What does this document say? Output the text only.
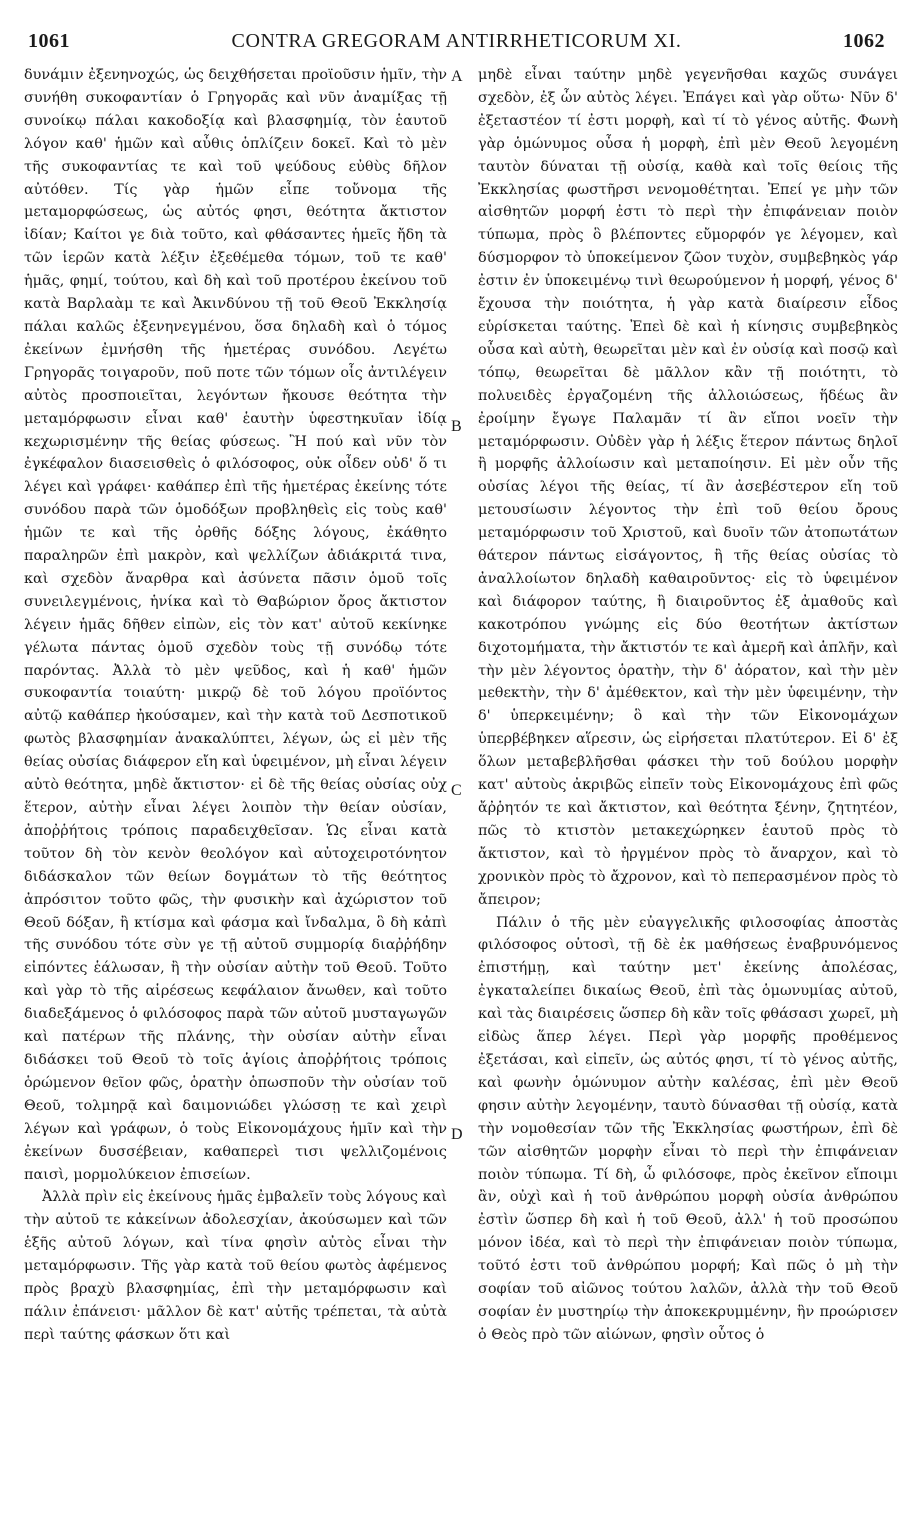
1061	CONTRA GREGORAM ANTIRRHETICORUM XI.	1062

δυνάμιν ἐξενηνοχώς, ὡς δειχθήσεται προϊοῦσιν ἡμῖν, τὴν συνήθη συκοφαντίαν ὁ Γρηγορᾶς καὶ νῦν ἀναμίξας τῇ συνοίκῳ πάλαι κακοδοξίᾳ καὶ βλασφημίᾳ, τὸν ἑαυτοῦ λόγον καθ' ἡμῶν καὶ αὖθις ὁπλίζειν δοκεῖ. Καὶ τὸ μὲν τῆς συκοφαντίας τε καὶ τοῦ ψεύδους εὐθὺς δῆλον αὐτόθεν. Τίς γὰρ ἡμῶν εἶπε τοὔνομα τῆς μεταμορφώσεως, ὡς αὐτός φησι, θεότητα ἄκτιστον ἰδίαν; Καίτοι γε διὰ τοῦτο, καὶ φθάσαντες ἡμεῖς ἤδη τὰ τῶν ἱερῶν κατὰ λέξιν ἐξεθέμεθα τόμων, τοῦ τε καθ' ἡμᾶς, φημί, τούτου, καὶ δὴ καὶ τοῦ προτέρου ἐκείνου τοῦ κατὰ Βαρλαὰμ τε καὶ Ἀκινδύνου τῇ τοῦ Θεοῦ Ἐκκλησίᾳ πάλαι καλῶς ἐξενηνεγμένου, ὅσα δηλαδὴ καὶ ὁ τόμος ἐκείνων ἐμνήσθη τῆς ἡμετέρας συνόδου. Λεγέτω Γρηγορᾶς τοιγαροῦν, ποῦ ποτε τῶν τόμων οἷς ἀντιλέγειν αὐτὸς προσποιεῖται, λεγόντων ἤκουσε θεότητα τὴν μεταμόρφωσιν εἶναι καθ' ἑαυτὴν ὑφεστηκυῖαν ἰδίᾳ κεχωρισμένην τῆς θείας φύσεως. Ἢ πού καὶ νῦν τὸν ἐγκέφαλον διασεισθεὶς ὁ φιλόσοφος, οὐκ οἶδεν οὐδ' ὅ τι λέγει καὶ γράφει· καθάπερ ἐπὶ τῆς ἡμετέρας ἐκείνης τότε συνόδου παρὰ τῶν ὁμοδόξων προβληθεὶς εἰς τοὺς καθ' ἡμῶν τε καὶ τῆς ὀρθῆς δόξης λόγους, ἐκάθητο παραληρῶν ἐπὶ μακρὸν, καὶ ψελλίζων ἀδιάκριτά τινα, καὶ σχεδὸν ἄναρθρα καὶ ἀσύνετα πᾶσιν ὁμοῦ τοῖς συνειλεγμένοις, ἡνίκα καὶ τὸ Θαβώριον ὄρος ἄκτιστον λέγειν ἡμᾶς δῆθεν εἰπὼν, εἰς τὸν κατ' αὐτοῦ κεκίνηκε γέλωτα πάντας ὁμοῦ σχεδὸν τοὺς τῇ συνόδῳ τότε παρόντας. Ἀλλὰ τὸ μὲν ψεῦδος, καὶ ἡ καθ' ἡμῶν συκοφαντία τοιαύτη· μικρῷ δὲ τοῦ λόγου προϊόντος αὐτῷ καθάπερ ἠκούσαμεν, καὶ τὴν κατὰ τοῦ Δεσποτικοῦ φωτὸς βλασφημίαν ἀνακαλύπτει, λέγων, ὡς εἰ μὲν τῆς θείας οὐσίας διάφερον εἴη καὶ ὑφειμένον, μὴ εἶναι λέγειν αὐτὸ θεότητα, μηδὲ ἄκτιστον· εἰ δὲ τῆς θείας οὐσίας οὐχ ἕτερον, αὐτὴν εἶναι λέγει λοιπὸν τὴν θείαν οὐσίαν, ἀποῤῥήτοις τρόποις παραδειχθεῖσαν. Ὡς εἶναι κατὰ τοῦτον δὴ τὸν κενὸν θεολόγον καὶ αὐτοχειροτόνητον διδάσκαλον τῶν θείων δογμάτων τὸ τῆς θεότητος ἀπρόσιτον τοῦτο φῶς, τὴν φυσικὴν καὶ ἀχώριστον τοῦ Θεοῦ δόξαν, ἢ κτίσμα καὶ φάσμα καὶ ἴνδαλμα, ὃ δὴ κἀπὶ τῆς συνόδου τότε σὺν γε τῇ αὐτοῦ συμμορίᾳ διαῤῥήδην εἰπόντες ἑάλωσαν, ἢ τὴν οὐσίαν αὐτὴν τοῦ Θεοῦ. Τοῦτο καὶ γὰρ τὸ τῆς αἱρέσεως κεφάλαιον ἄνωθεν, καὶ τοῦτο διαδεξάμενος ὁ φιλόσοφος παρὰ τῶν αὐτοῦ μυσταγωγῶν καὶ πατέρων τῆς πλάνης, τὴν οὐσίαν αὐτὴν εἶναι διδάσκει τοῦ Θεοῦ τὸ τοῖς ἁγίοις ἀποῤῥήτοις τρόποις ὁρώμενον θεῖον φῶς, ὁρατὴν ὁπωσποῦν τὴν οὐσίαν τοῦ Θεοῦ, τολμηρᾷ καὶ δαιμονιώδει γλώσσῃ τε καὶ χειρὶ λέγων καὶ γράφων, ὁ τοὺς Εἰκονομάχους ἡμῖν καὶ τὴν ἐκείνων δυσσέβειαν, καθαπερεὶ τισι ψελλιζομένοις παισὶ, μορμολύκειον ἐπισείων.

Ἀλλὰ πρὶν εἰς ἐκείνους ἡμᾶς ἐμβαλεῖν τοὺς λόγους καὶ τὴν αὐτοῦ τε κἀκείνων ἀδολεσχίαν, ἀκούσωμεν καὶ τῶν ἑξῆς αὐτοῦ λόγων, καὶ τίνα φησὶν αὐτὸς εἶναι τὴν μεταμόρφωσιν. Τῆς γὰρ κατὰ τοῦ θείου φωτὸς ἀφέμενος πρὸς βραχὺ βλασφημίας, ἐπὶ τὴν μεταμόρφωσιν καὶ πάλιν ἐπάνεισι· μᾶλλον δὲ κατ' αὐτῆς τρέπεται, τὰ αὐτὰ περὶ ταύτης φάσκων ὅτι καὶ

μηδὲ εἶναι ταύτην μηδὲ γεγενῆσθαι καχῶς συνάγει σχεδὸν, ἐξ ὧν αὐτὸς λέγει. Ἐπάγει καὶ γὰρ οὕτω· Νῦν δ' ἐξεταστέον τί ἐστι μορφὴ, καὶ τί τὸ γένος αὐτῆς. Φωνὴ γὰρ ὁμώνυμος οὖσα ἡ μορφὴ, ἐπὶ μὲν Θεοῦ λεγομένη ταυτὸν δύναται τῇ οὐσίᾳ, καθὰ καὶ τοῖς θείοις τῆς Ἐκκλησίας φωστῆρσι νενομοθέτηται. Ἐπεί γε μὴν τῶν αἰσθητῶν μορφή ἐστι τὸ περὶ τὴν ἐπιφάνειαν ποιὸν τύπωμα, πρὸς ὃ βλέποντες εὔμορφόν γε λέγομεν, καὶ δύσμορφον τὸ ὑποκείμενον ζῶον τυχὸν, συμβεβηκὸς γάρ ἐστιν ἐν ὑποκειμένῳ τινὶ θεωρούμενον ἡ μορφή, γένος δ' ἔχουσα τὴν ποιότητα, ἡ γὰρ κατὰ διαίρεσιν εἶδος εὑρίσκεται ταύτης. Ἐπεὶ δὲ καὶ ἡ κίνησις συμβεβηκὸς οὖσα καὶ αὐτὴ, θεωρεῖται μὲν καὶ ἐν οὐσίᾳ καὶ ποσῷ καὶ τόπῳ, θεωρεῖται δὲ μᾶλλον κἂν τῇ ποιότητι, τὸ πολυειδὲς ἐργαζομένη τῆς ἀλλοιώσεως, ἥδέως ἂν ἐροίμην ἔγωγε Παλαμᾶν τί ἂν εἴποι νοεῖν τὴν μεταμόρφωσιν. Οὐδὲν γὰρ ἡ λέξις ἕτερον πάντως δηλοῖ ἢ μορφῆς ἀλλοίωσιν καὶ μεταποίησιν. Εἰ μὲν οὖν τῆς οὐσίας λέγοι τῆς θείας, τί ἂν ἀσεβέστερον εἴη τοῦ μετουσίωσιν λέγοντος τὴν ἐπὶ τοῦ θείου ὄρους μεταμόρφωσιν τοῦ Χριστοῦ, καὶ δυοῖν τῶν ἀτοπωτάτων θάτερον πάντως εἰσάγοντος, ἢ τῆς θείας οὐσίας τὸ ἀναλλοίωτον δηλαδὴ καθαιροῦντος· εἰς τὸ ὑφειμένον καὶ διάφορον ταύτης, ἢ διαιροῦντος ἐξ ἀμαθοῦς καὶ κακοτρόπου γνώμης εἰς δύο θεοτήτων ἀκτίστων διχοτομήματα, τὴν ἄκτιστόν τε καὶ ἀμερῆ καὶ ἁπλῆν, καὶ τὴν μὲν λέγοντος ὁρατὴν, τὴν δ' ἀόρατον, καὶ τὴν μὲν μεθεκτὴν, τὴν δ' ἀμέθεκτον, καὶ τὴν μὲν ὑφειμένην, τὴν δ' ὑπερκειμένην; ὃ καὶ τὴν τῶν Εἰκονομάχων ὑπερβέβηκεν αἵρεσιν, ὡς εἰρήσεται πλατύτερον. Εἰ δ' ἐξ ὅλων μεταβεβλῆσθαι φάσκει τὴν τοῦ δούλου μορφὴν κατ' αὐτοὺς ἀκριβῶς εἰπεῖν τοὺς Εἰκονομάχους ἐπὶ φῶς ἄῤῥητόν τε καὶ ἄκτιστον, καὶ θεότητα ξένην, ζητητέον, πῶς τὸ κτιστὸν μετακεχώρηκεν ἑαυτοῦ πρὸς τὸ ἄκτιστον, καὶ τὸ ἠργμένον πρὸς τὸ ἄναρχον, καὶ τὸ χρονικὸν πρὸς τὸ ἄχρονον, καὶ τὸ πεπερασμένον πρὸς τὸ ἄπειρον;

Πάλιν ὁ τῆς μὲν εὐαγγελικῆς φιλοσοφίας ἀποστὰς φιλόσοφος οὑτοσὶ, τῇ δὲ ἐκ μαθήσεως ἐναβρυνόμενος ἐπιστήμῃ, καὶ ταύτην μετ' ἐκείνης ἀπολέσας, ἐγκαταλείπει δικαίως Θεοῦ, ἐπὶ τὰς ὁμωνυμίας αὐτοῦ, καὶ τὰς διαιρέσεις ὥσπερ δὴ κἂν τοῖς φθάσασι χωρεῖ, μὴ εἰδὼς ἅπερ λέγει. Περὶ γὰρ μορφῆς προθέμενος ἐξετάσαι, καὶ εἰπεῖν, ὡς αὐτός φησι, τί τὸ γένος αὐτῆς, καὶ φωνὴν ὁμώνυμον αὐτὴν καλέσας, ἐπὶ μὲν Θεοῦ φησιν αὐτὴν λεγομένην, ταυτὸ δύνασθαι τῇ οὐσίᾳ, κατὰ τὴν νομοθεσίαν τῶν τῆς Ἐκκλησίας φωστήρων, ἐπὶ δὲ τῶν αἰσθητῶν μορφὴν εἶναι τὸ περὶ τὴν ἐπιφάνειαν ποιὸν τύπωμα. Τί δὴ, ὦ φιλόσοφε, πρὸς ἐκεῖνον εἴποιμι ἂν, οὐχὶ καὶ ἡ τοῦ ἀνθρώπου μορφὴ οὐσία ἀνθρώπου ἐστὶν ὥσπερ δὴ καὶ ἡ τοῦ Θεοῦ, ἀλλ' ἡ τοῦ προσώπου μόνον ἰδέα, καὶ τὸ περὶ τὴν ἐπιφάνειαν ποιὸν τύπωμα, τοῦτό ἐστι τοῦ ἀνθρώπου μορφή; Καὶ πῶς ὁ μὴ τὴν σοφίαν τοῦ αἰῶνος τούτου λαλῶν, ἀλλὰ τὴν τοῦ Θεοῦ σοφίαν ἐν μυστηρίῳ τὴν ἀποκεκρυμμένην, ἣν προώρισεν ὁ Θεὸς πρὸ τῶν αἰώνων, φησὶν οὗτος ὁ

A
B
C
D
